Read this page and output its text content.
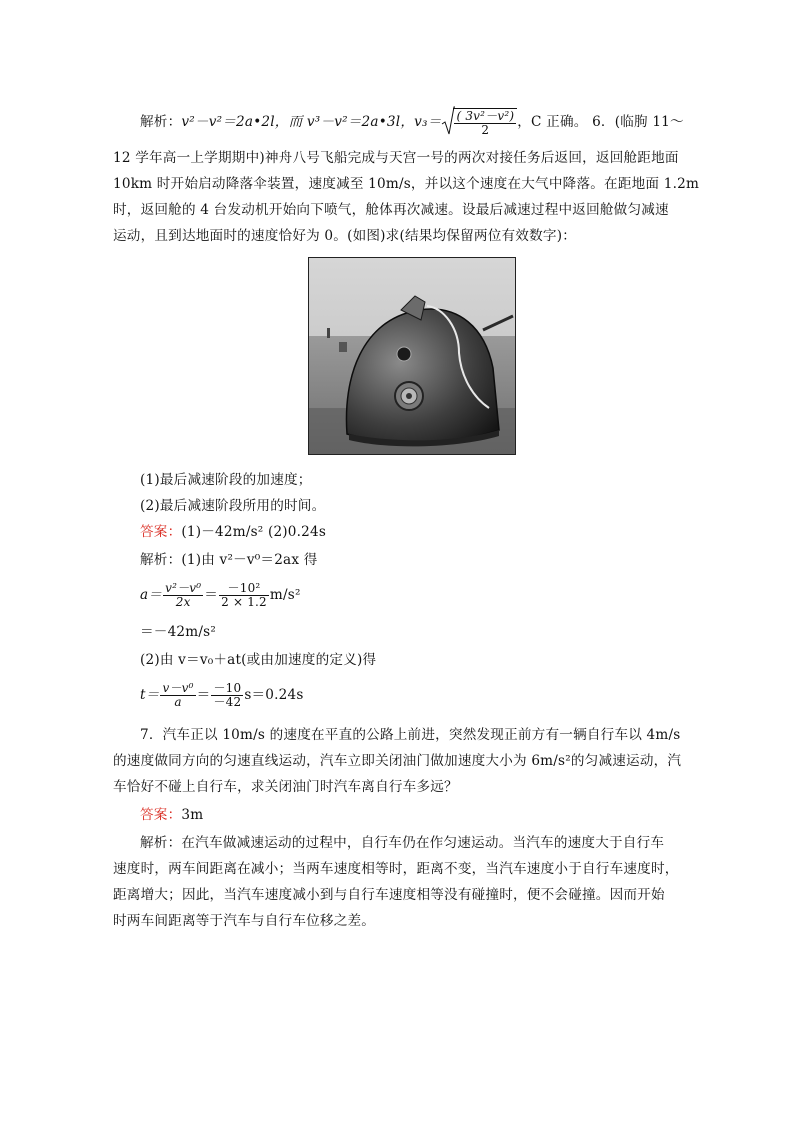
解析：v²－v²＝2a•2l，而 v³－v²＝2a•3l，$v_3= \frac{\text{( 3v²－v²)}}{2}$ ，C 正确。 6．(临朐 11～
12 学年高一上学期期中)神舟八号飞船完成与天宫一号的两次对接任务后返回，返回舱距地面
10km 时开始启动降落伞装置，速度减至 10m/s，并以这个速度在大气中降落。在距地面 1.2m
时，返回舱的 4 台发动机开始向下喷气，舱体再次减速。设最后减速过程中返回舱做匀减速
运动，且到达地面时的速度恰好为 0。(如图)求(结果均保留两位有效数字)：
(1)最后减速阶段的加速度；
(2)最后减速阶段所用的时间。
答案：(1)－42m/s² (2)0.24s
解析：(1)由 v²－v⁰＝2ax 得
$a= \frac{\text{v²－v⁰}}{2x} = \frac{\text{－10²}}{2 \times 1.2} m/s^2$
＝－42m/s²
(2)由 v＝v₀＋at(或由加速度的定义)得
$t= \frac{\text{v－v⁰}}{a} = \frac{-10}{-42} s=0.24s$
7．汽车正以 10m/s 的速度在平直的公路上前进，突然发现正前方有一辆自行车以 4m/s
的速度做同方向的匀速直线运动，汽车立即关闭油门做加速度大小为 6m/s²的匀减速运动，汽
车恰好不碰上自行车，求关闭油门时汽车离自行车多远？
答案：3m
解析：在汽车做减速运动的过程中，自行车仍在作匀速运动。当汽车的速度大于自行车
速度时，两车间距离在减小；当两车速度相等时，距离不变，当汽车速度小于自行车速度时，
距离增大；因此，当汽车速度减小到与自行车速度相等没有碰撞时，便不会碰撞。因而开始
时两车间距离等于汽车与自行车位移之差。
